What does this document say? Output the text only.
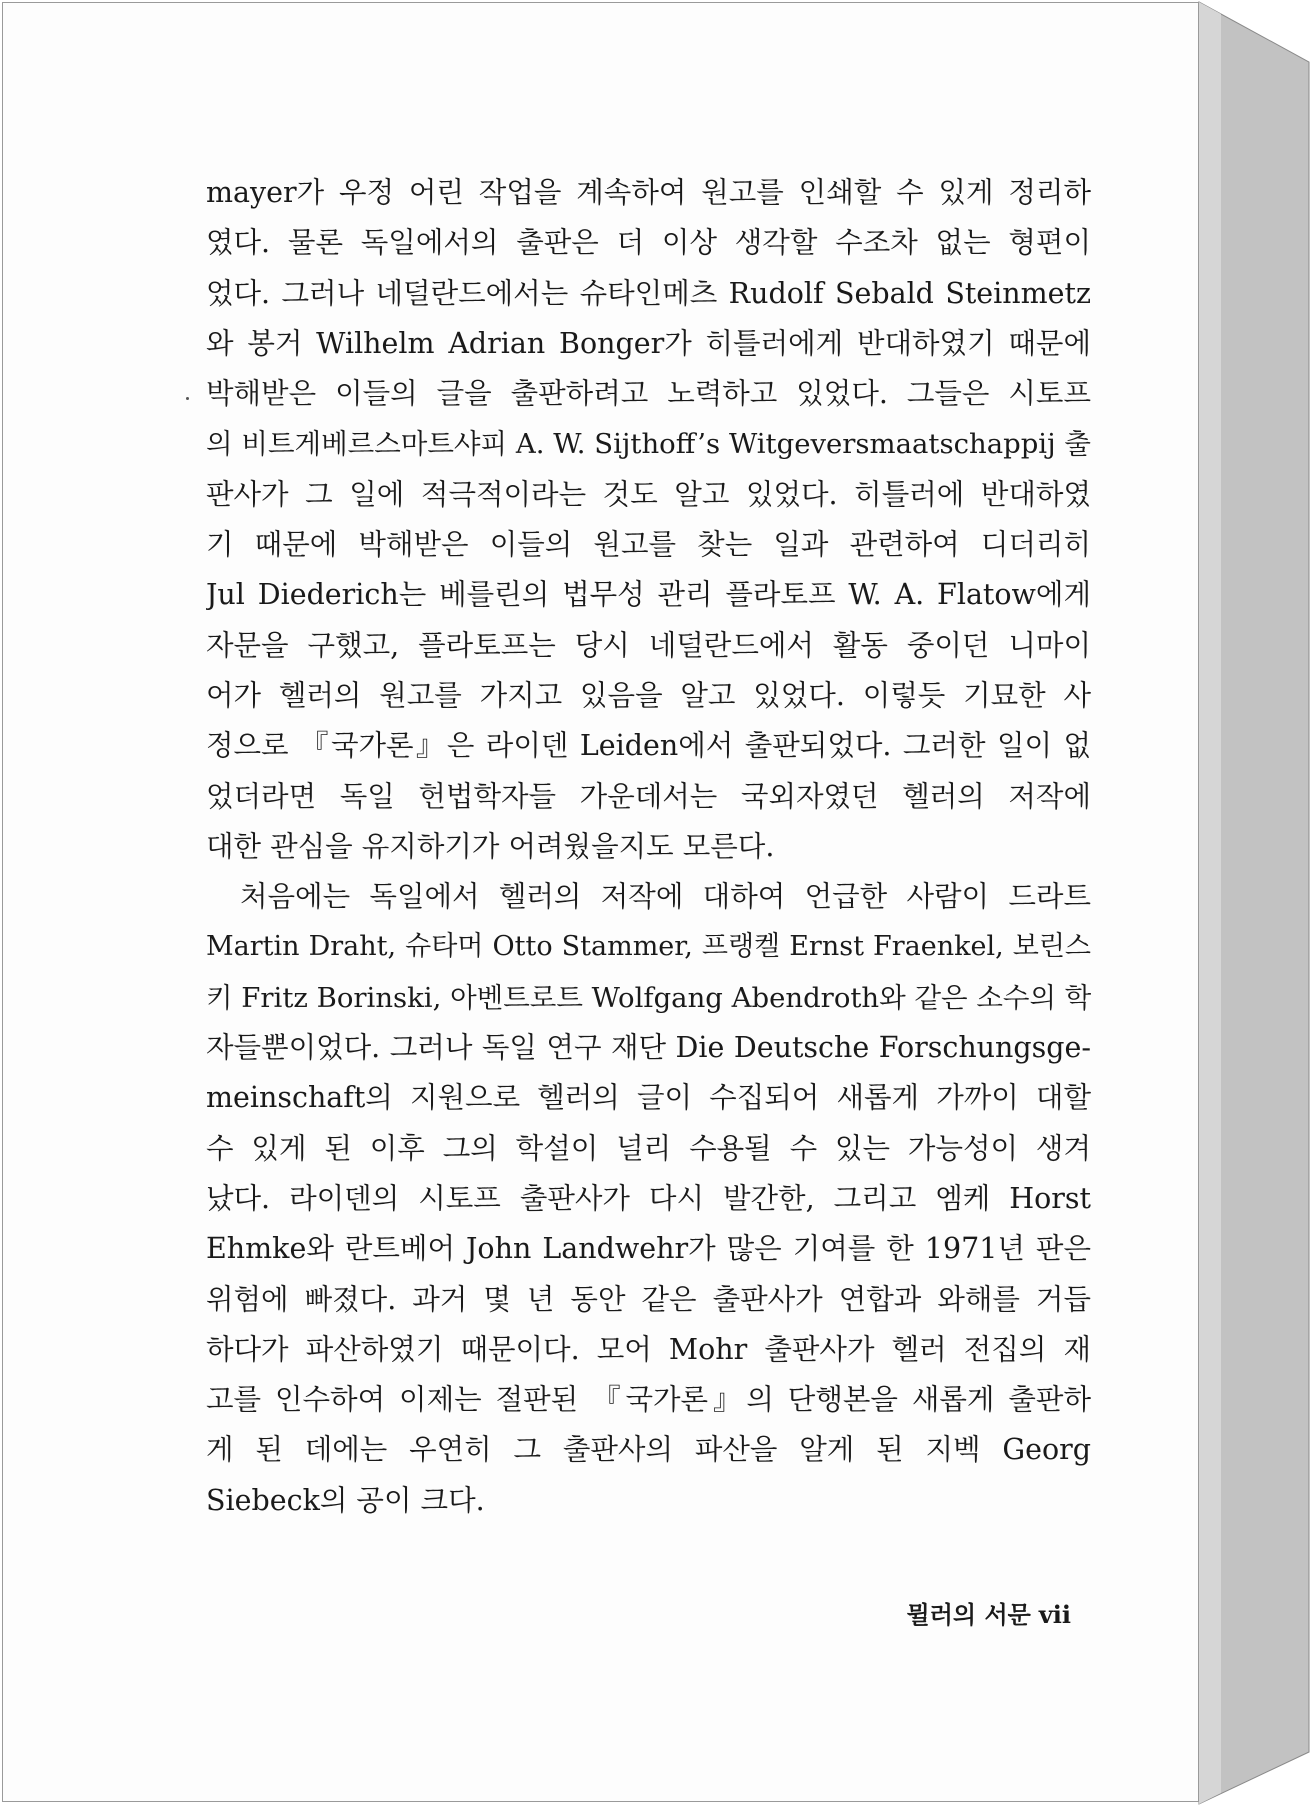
mayer가 우정 어린 작업을 계속하여 원고를 인쇄할 수 있게 정리하
였다. 물론 독일에서의 출판은 더 이상 생각할 수조차 없는 형편이
었다. 그러나 네덜란드에서는 슈타인메츠 Rudolf Sebald Steinmetz
와 봉거 Wilhelm Adrian Bonger가 히틀러에게 반대하였기 때문에
박해받은 이들의 글을 출판하려고 노력하고 있었다. 그들은 시토프
의 비트게베르스마트샤피 A. W. Sijthoff’s Witgeversmaatschappij 출
판사가 그 일에 적극적이라는 것도 알고 있었다. 히틀러에 반대하였
기 때문에 박해받은 이들의 원고를 찾는 일과 관련하여 디더리히
Jul Diederich는 베를린의 법무성 관리 플라토프 W. A. Flatow에게
자문을 구했고, 플라토프는 당시 네덜란드에서 활동 중이던 니마이
어가 헬러의 원고를 가지고 있음을 알고 있었다. 이렇듯 기묘한 사
정으로 『국가론』은 라이덴 Leiden에서 출판되었다. 그러한 일이 없
었더라면 독일 헌법학자들 가운데서는 국외자였던 헬러의 저작에
대한 관심을 유지하기가 어려웠을지도 모른다.
처음에는 독일에서 헬러의 저작에 대하여 언급한 사람이 드라트
Martin Draht, 슈타머 Otto Stammer, 프랭켈 Ernst Fraenkel, 보린스
키 Fritz Borinski, 아벤트로트 Wolfgang Abendroth와 같은 소수의 학
자들뿐이었다. 그러나 독일 연구 재단 Die Deutsche Forschungsge-
meinschaft의 지원으로 헬러의 글이 수집되어 새롭게 가까이 대할
수 있게 된 이후 그의 학설이 널리 수용될 수 있는 가능성이 생겨
났다. 라이덴의 시토프 출판사가 다시 발간한, 그리고 엠케 Horst
Ehmke와 란트베어 John Landwehr가 많은 기여를 한 1971년 판은
위험에 빠졌다. 과거 몇 년 동안 같은 출판사가 연합과 와해를 거듭
하다가 파산하였기 때문이다. 모어 Mohr 출판사가 헬러 전집의 재
고를 인수하여 이제는 절판된 『국가론』의 단행본을 새롭게 출판하
게 된 데에는 우연히 그 출판사의 파산을 알게 된 지벡 Georg
Siebeck의 공이 크다.
뮐러의 서문 vii
